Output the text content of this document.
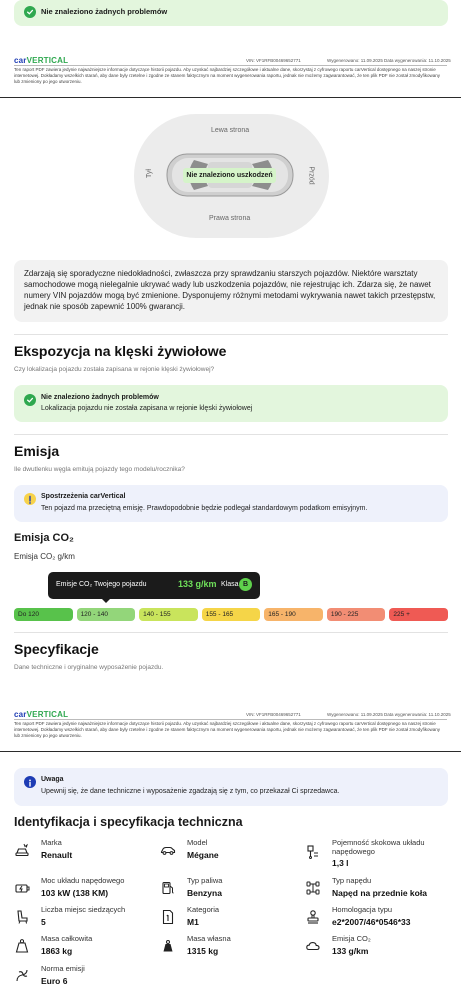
Nie znaleziono żadnych problemów
carVERTICAL	VIN: VF1RFB00469652771	Wygenerowano: 11.09.2025 Data wygenerowania: 11.10.2025
Ten raport PDF zawiera jedynie najważniejsze informacje dotyczące historii pojazdu. Aby uzyskać najbardziej szczegółowe i aktualne dane, skorzystaj z cyfrowego raportu carVertical dostępnego na naszej stronie internetowej. Dokładamy wszelkich starań, aby dane były rzetelne i zgodne ze stanem faktycznym na moment wygenerowania raportu, jednak nie możemy zagwarantować, że ten plik PDF nie został zmodyfikowany lub zmieniony po jego utworzeniu.
Lewa strona
Prawa strona
Tył	Przód
Nie znaleziono uszkodzeń
Zdarzają się sporadyczne niedokładności, zwłaszcza przy sprawdzaniu starszych pojazdów. Niektóre warsztaty samochodowe mogą nielegalnie ukrywać wady lub uszkodzenia pojazdów, nie rejestrując ich. Zdarza się, że nawet numery VIN pojazdów mogą być zmienione. Dysponujemy różnymi metodami wykrywania nawet takich przestępstw, jednak nie sposób zapewnić 100% gwarancji.
Ekspozycja na klęski żywiołowe
Czy lokalizacja pojazdu została zapisana w rejonie klęski żywiołowej?
Nie znaleziono żadnych problemów
Lokalizacja pojazdu nie została zapisana w rejonie klęski żywiołowej
Emisja
Ile dwutlenku węgla emitują pojazdy tego modelu/rocznika?
Spostrzeżenia carVertical
Ten pojazd ma przeciętną emisję. Prawdopodobnie będzie podlegał standardowym podatkom emisyjnym.
Emisja CO₂
Emisja CO₂ g/km
Emisje CO₂ Twojego pojazdu	133 g/km Klasa B
Do 120	120 - 140	140 - 155	155 - 165	165 - 190	190 - 225	225 +
Specyfikacje
Dane techniczne i oryginalne wyposażenie pojazdu.
carVERTICAL	VIN: VF1RFB00469652771	Wygenerowano: 11.09.2025 Data wygenerowania: 11.10.2025
Ten raport PDF zawiera jedynie najważniejsze informacje dotyczące historii pojazdu. Aby uzyskać najbardziej szczegółowe i aktualne dane, skorzystaj z cyfrowego raportu carVertical dostępnego na naszej stronie internetowej. Dokładamy wszelkich starań, aby dane były rzetelne i zgodne ze stanem faktycznym na moment wygenerowania raportu, jednak nie możemy zagwarantować, że ten plik PDF nie został zmodyfikowany lub zmieniony po jego utworzeniu.
Uwaga
Upewnij się, że dane techniczne i wyposażenie zgadzają się z tym, co przekazał Ci sprzedawca.
Identyfikacja i specyfikacja techniczna
Marka
Renault
Model
Mégane
Pojemność skokowa układu napędowego
1,3 l
Moc układu napędowego
103 kW (138 KM)
Typ paliwa
Benzyna
Typ napędu
Napęd na przednie koła
Liczba miejsc siedzących
5
Kategoria
M1
Homologacja typu
e2*2007/46*0546*33
Masa całkowita
1863 kg
Masa własna
1315 kg
Emisja CO₂
133 g/km
Norma emisji
Euro 6
